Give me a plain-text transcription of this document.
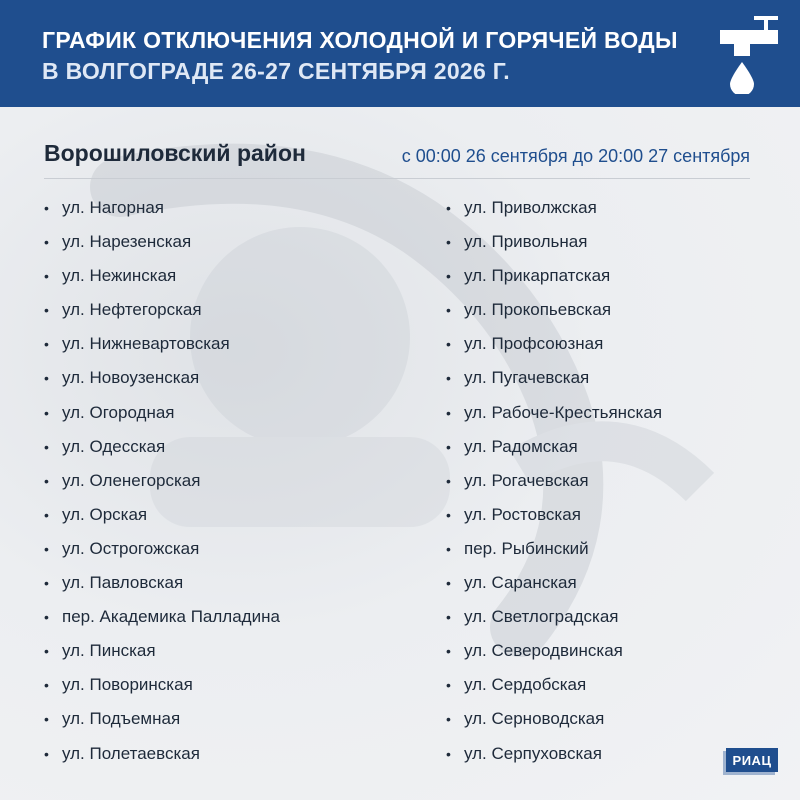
ГРАФИК ОТКЛЮЧЕНИЯ ХОЛОДНОЙ И ГОРЯЧЕЙ ВОДЫ
В ВОЛГОГРАДЕ 26-27 СЕНТЯБРЯ 2026 Г.
Ворошиловский район	с 00:00 26 сентября до 20:00 27 сентября
• ул. Нагорная
• ул. Нарезенская
• ул. Нежинская
• ул. Нефтегорская
• ул. Нижневартовская
• ул. Новоузенская
• ул. Огородная
• ул. Одесская
• ул. Оленегорская
• ул. Орская
• ул. Острогожская
• ул. Павловская
• пер. Академика Палладина
• ул. Пинская
• ул. Поворинская
• ул. Подъемная
• ул. Полетаевская
• ул. Приволжская
• ул. Привольная
• ул. Прикарпатская
• ул. Прокопьевская
• ул. Профсоюзная
• ул. Пугачевская
• ул. Рабоче-Крестьянская
• ул. Радомская
• ул. Рогачевская
• ул. Ростовская
• пер. Рыбинский
• ул. Саранская
• ул. Светлоградская
• ул. Северодвинская
• ул. Сердобская
• ул. Серноводская
• ул. Серпуховская	РИАЦ
